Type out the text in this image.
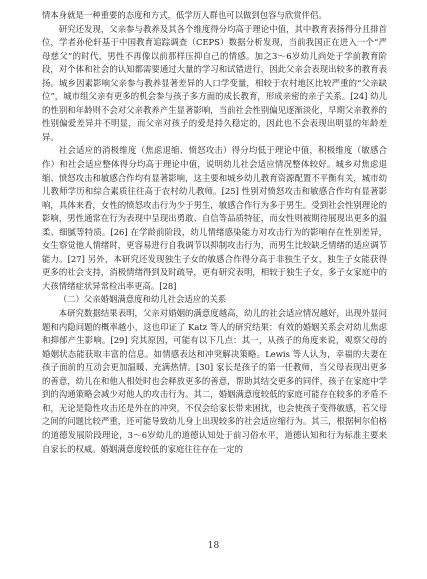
情本身就是一种重要的态度和方式，低学历人群也可以做到包容与欣赏伴侣。

研究还发现，父亲参与教养及其各个维度得分均高于理论中值，其中教育表扬得分且排首位，学者孙伦轩基于中国教育追踪调查（CEPS）数据分析发现，当前我国正在进入一个“严母慈父”的时代，男性不再像以前那样压抑自己的情感。加之3～6岁幼儿尚处于学前教育阶段，对个体和社会的认知都需要通过大量的学习和试错进行，因此父亲会表现出较多的教育表扬。城乡因素影响父亲参与教养显著差异的人口学变量，相较于农村地区比较严重的“父亲缺位”，城市组父亲有更多的机会参与孩子多方面的成长教育，形成亲密的亲子关系。[24] 幼儿的性别和年龄则不会对父亲教养产生显著影响，当前社会性别偏见逐渐淡化，早期父亲教养的性别偏爱差异并不明显，而父亲对孩子的爱是持久稳定的，因此也不会表现出明显的年龄差异。

社会适应的消极维度（焦虑退缩、愤怒攻击）得分均低于理论中值，积极维度（敏感合作）和社会适应整体得分均高于理论中值，说明幼儿社会适应情况整体较好。城乡对焦虑退缩、愤怒攻击和敏感合作均有显著影响，这主要和城乡幼儿教育资源配置不平衡有关，城市幼儿教师学历和综合素质往往高于农村幼儿教师。[25] 性别对愤怒攻击和敏感合作均有显著影响，具体来看，女性的愤怒攻击行为少于男生，敏感合作行为多于男生。受到社会性别理论的影响，男性通常在行为表现中呈现出勇敢、自信等品质特征，而女性则被期待展现出更多的温柔、细腻等特质。[26] 在学龄前阶段，幼儿情绪感染能力对攻击行为的影响存在性别差异，女生察觉他人情绪时，更容易进行自我调节以抑制攻击行为，而男生比较缺乏情绪的适应调节能力。[27] 另外，本研究还发现独生子女的敏感合作得分高于非独生子女，独生子女能获得更多的社会支持，消极情绪得到及时疏导，更有研究表明，相较于独生子女，多子女家庭中的大孩情绪症状异常检出率更高。[28]

（二）父亲婚姻满意度和幼儿社会适应的关系

本研究数据结果表明，父亲对婚姻的满意度越高，幼儿的社会适应情况越好，出现外显问题和内隐问题的概率越小，这也印证了 Katz 等人的研究结果：有效的婚姻关系会对幼儿焦虑和抑郁产生影响。[29] 究其原因，可能有以下几点：其一，从孩子的角度来说，观察父母的婚姻状态能获取丰富的信息。如情感表达和冲突解决策略。Lewis 等人认为，幸福的夫妻在孩子面前的互动会更加温暖、充满热情。[30] 家长是孩子的第一任教师，当父母表现出更多的善意，幼儿在和他人相处时也会释放更多的善意，帮助其结交更多的同伴，孩子在家庭中学到的沟通策略会减少对他人的攻击行为。其二，婚姻满意度较低的家庭可能存在较多的矛盾不和，无论是隐性攻击还是外在的冲突，不仅会给家长带来困扰，也会使孩子变得敏感，若父母之间的问题比较严重，还可能导致幼儿身上出现较多的社会适应缩行为。其三，根据柯尔伯格的道德发展阶段理论，3～6岁幼儿的道德认知处于前习俗水平，道德认知和行为标准主要来自家长的权威。婚姻满意度较低的家庭往往存在一定的

18
